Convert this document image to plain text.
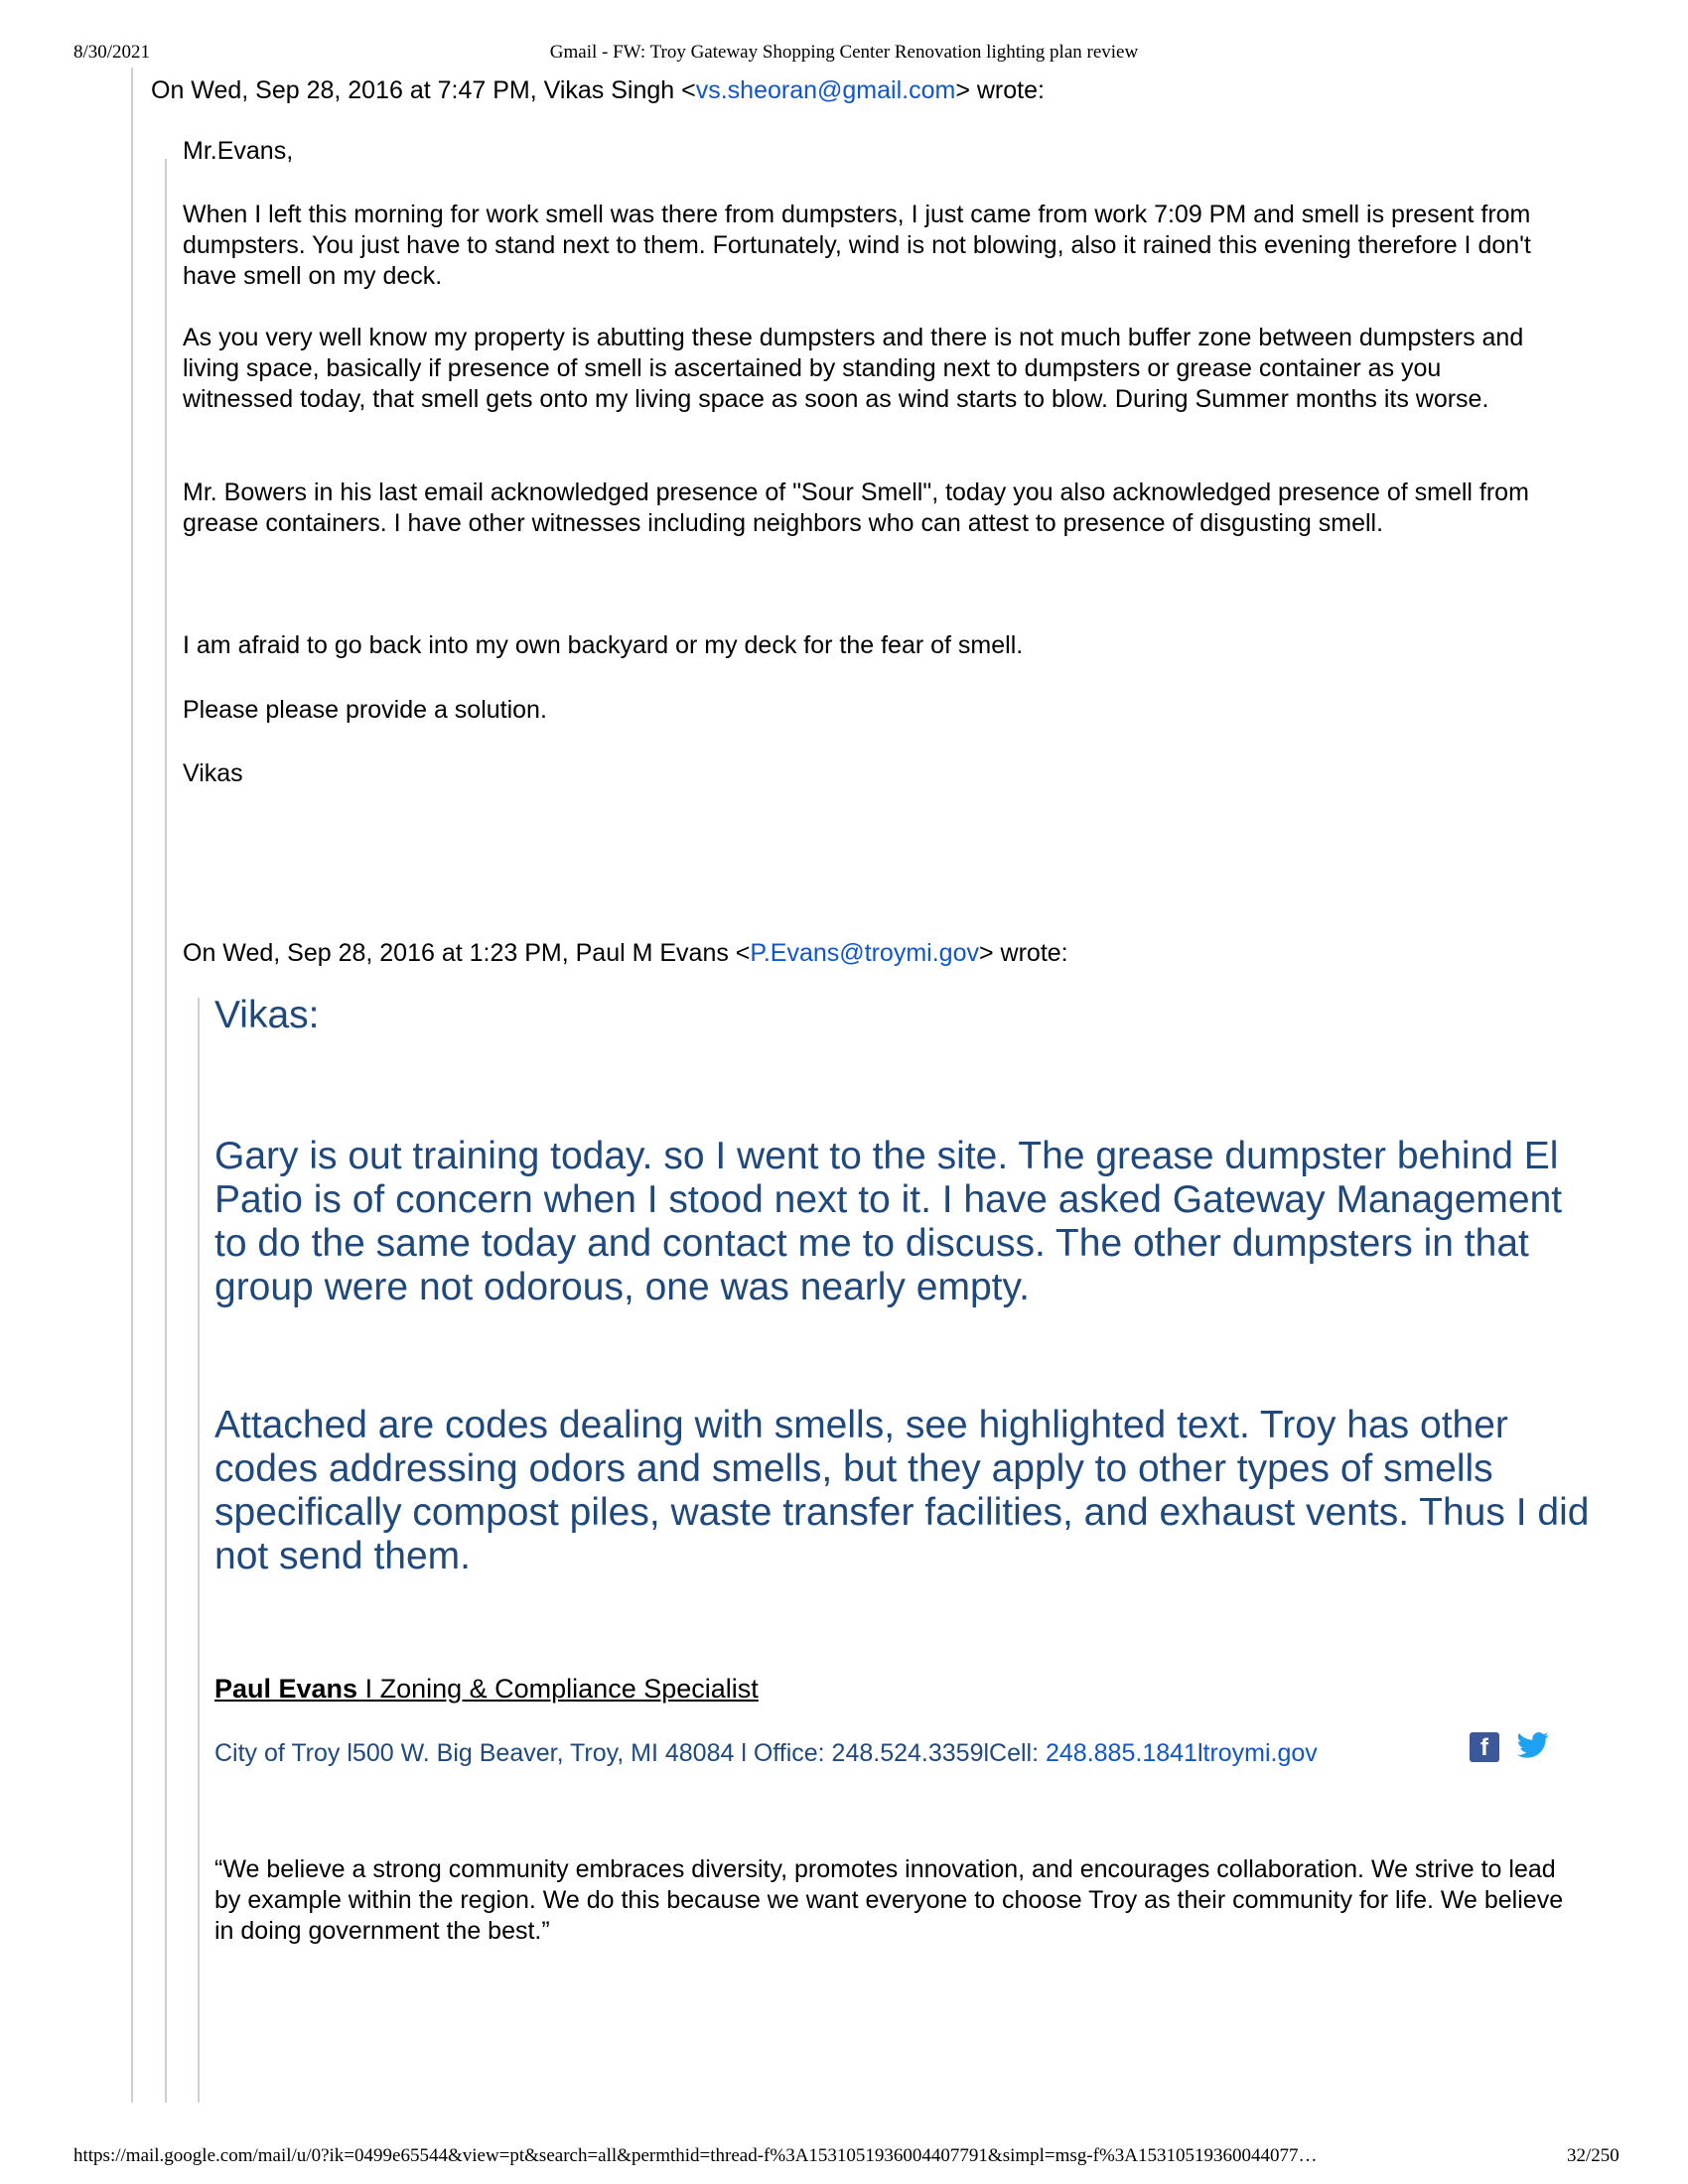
8/30/2021	Gmail - FW: Troy Gateway Shopping Center Renovation lighting plan review
https://mail.google.com/mail/u/0?ik=0499e65544&view=pt&search=all&permthid=thread-f%3A1531051936004407791&simpl=msg-f%3A15310519360044077…	32/250
On Wed, Sep 28, 2016 at 7:47 PM, Vikas Singh <vs.sheoran@gmail.com> wrote:

Mr.Evans,

When I left this morning for work smell was there from dumpsters, I just came from work 7:09 PM and smell is present from dumpsters. You just have to stand next to them. Fortunately, wind is not blowing, also it rained this evening therefore I don't have smell on my deck.

As you very well know my property is abutting these dumpsters and there is not much buffer zone between dumpsters and living space, basically if presence of smell is ascertained by standing next to dumpsters or grease container as you witnessed today, that smell gets onto my living space as soon as wind starts to blow. During Summer months its worse.

Mr. Bowers in his last email acknowledged presence of "Sour Smell", today you also acknowledged presence of smell from grease containers. I have other witnesses including neighbors who can attest to presence of disgusting smell.

I am afraid to go back into my own backyard or my deck for the fear of smell.

Please please provide a solution.

Vikas

On Wed, Sep 28, 2016 at 1:23 PM, Paul M Evans <P.Evans@troymi.gov> wrote:

Vikas:

Gary is out training today. so I went to the site. The grease dumpster behind El Patio is of concern when I stood next to it. I have asked Gateway Management to do the same today and contact me to discuss. The other dumpsters in that group were not odorous, one was nearly empty.

Attached are codes dealing with smells, see highlighted text. Troy has other codes addressing odors and smells, but they apply to other types of smells specifically compost piles, waste transfer facilities, and exhaust vents. Thus I did not send them.

Paul Evans I Zoning & Compliance Specialist
City of Troy l500 W. Big Beaver, Troy, MI 48084 l Office: 248.524.3359lCell: 248.885.1841ltroymi.gov	f

“We believe a strong community embraces diversity, promotes innovation, and encourages collaboration. We strive to lead by example within the region. We do this because we want everyone to choose Troy as their community for life. We believe in doing government the best.”
